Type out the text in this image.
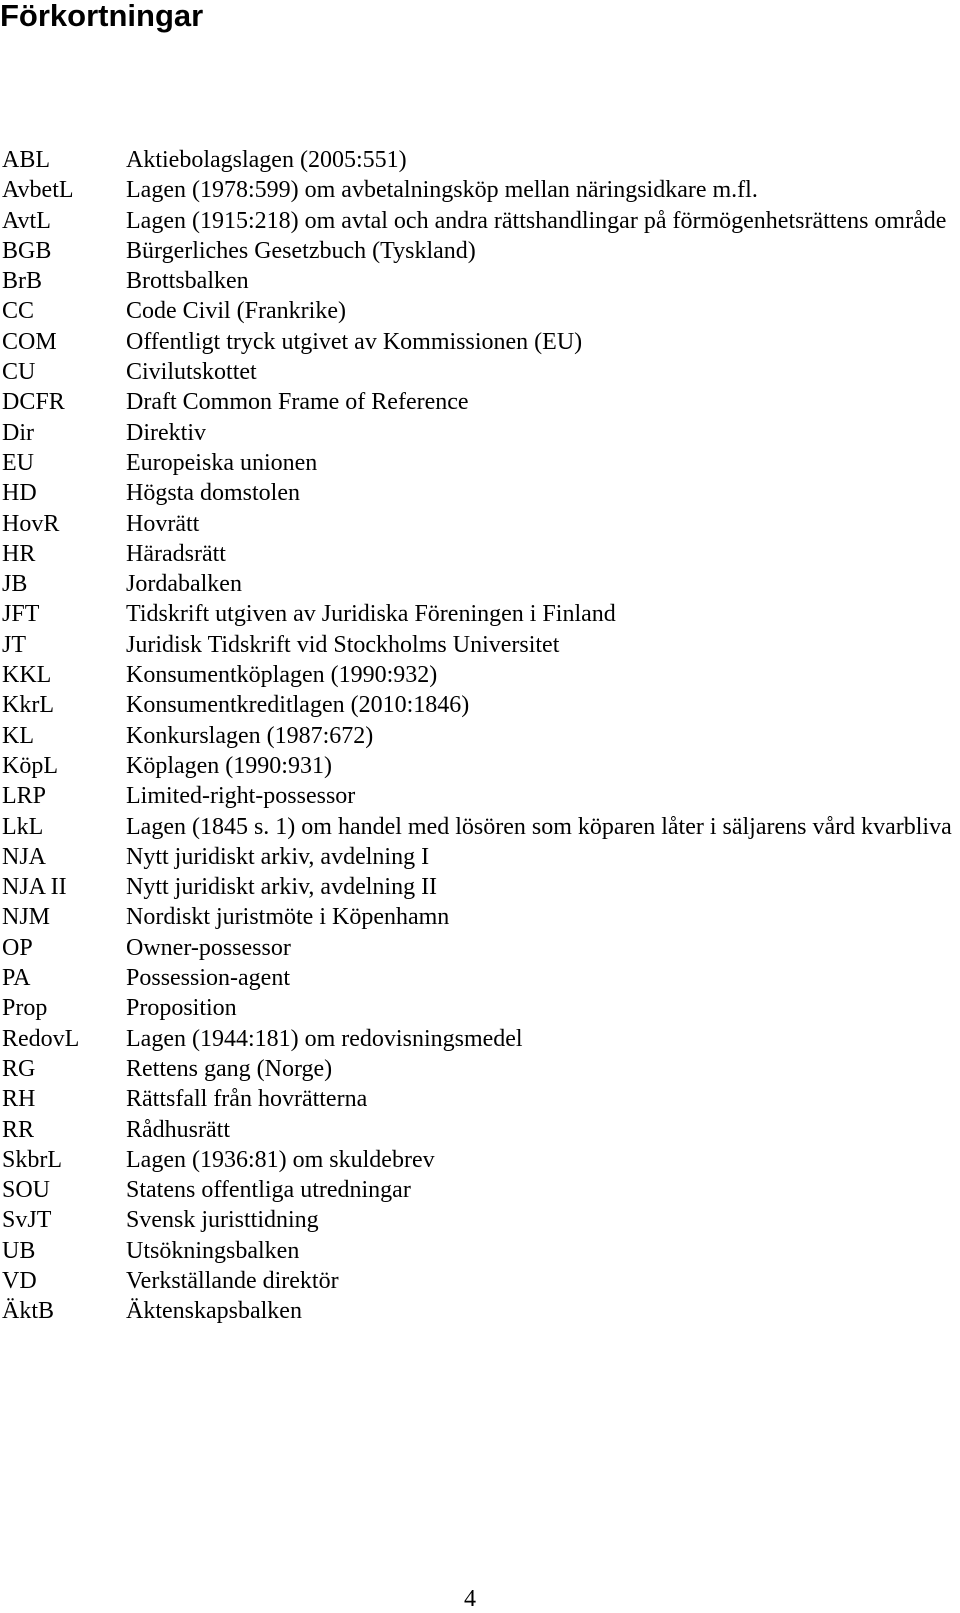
Förkortningar
ABL	Aktiebolagslagen (2005:551)
AvbetL	Lagen (1978:599) om avbetalningsköp mellan näringsidkare m.fl.
AvtL	Lagen (1915:218) om avtal och andra rättshandlingar på förmögenhetsrättens område
BGB	Bürgerliches Gesetzbuch (Tyskland)
BrB	Brottsbalken
CC	Code Civil (Frankrike)
COM	Offentligt tryck utgivet av Kommissionen (EU)
CU	Civilutskottet
DCFR	Draft Common Frame of Reference
Dir	Direktiv
EU	Europeiska unionen
HD	Högsta domstolen
HovR	Hovrätt
HR	Häradsrätt
JB	Jordabalken
JFT	Tidskrift utgiven av Juridiska Föreningen i Finland
JT	Juridisk Tidskrift vid Stockholms Universitet
KKL	Konsumentköplagen (1990:932)
KkrL	Konsumentkreditlagen (2010:1846)
KL	Konkurslagen (1987:672)
KöpL	Köplagen (1990:931)
LRP	Limited-right-possessor
LkL	Lagen (1845 s. 1) om handel med lösören som köparen låter i säljarens vård kvarbliva
NJA	Nytt juridiskt arkiv, avdelning I
NJA II	Nytt juridiskt arkiv, avdelning II
NJM	Nordiskt juristmöte i Köpenhamn
OP	Owner-possessor
PA	Possession-agent
Prop	Proposition
RedovL	Lagen (1944:181) om redovisningsmedel
RG	Rettens gang (Norge)
RH	Rättsfall från hovrätterna
RR	Rådhusrätt
SkbrL	Lagen (1936:81) om skuldebrev
SOU	Statens offentliga utredningar
SvJT	Svensk juristtidning
UB	Utsökningsbalken
VD	Verkställande direktör
ÄktB	Äktenskapsbalken
4
